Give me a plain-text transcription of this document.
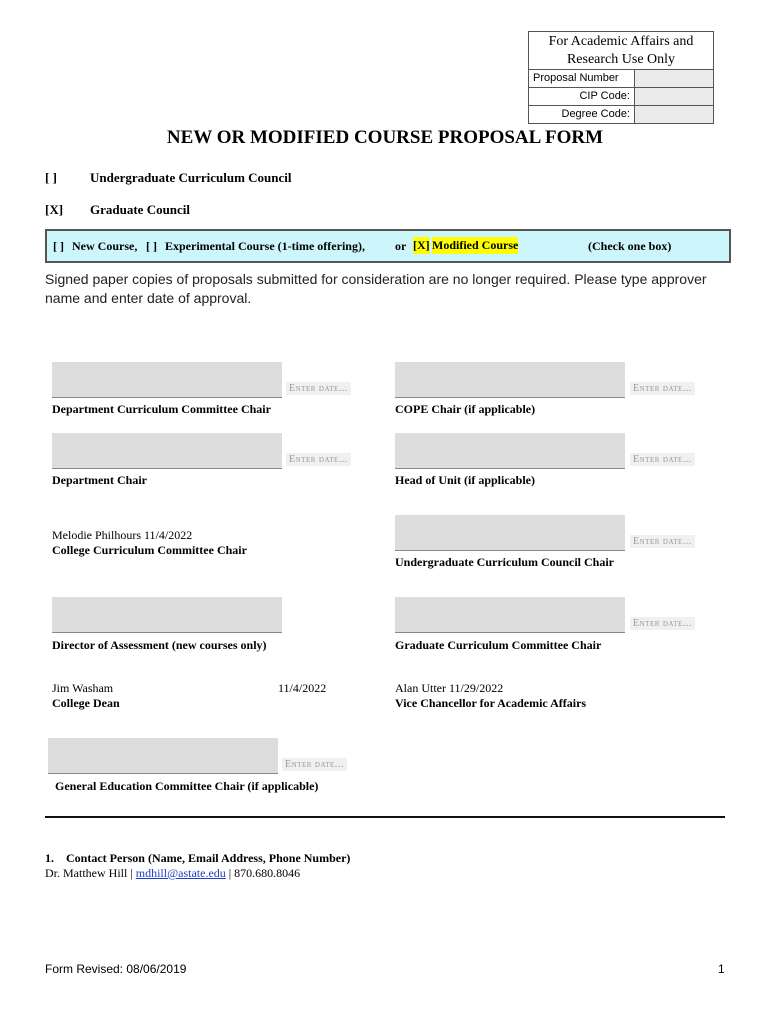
For Academic Affairs and Research Use Only
Proposal Number
CIP Code:
Degree Code:
NEW OR MODIFIED COURSE PROPOSAL FORM
[ ]	Undergraduate Curriculum Council
[X] Graduate Council
[ ] New Course, [ ] Experimental Course (1-time offering),	or [X] Modified Course	(Check one box)
Signed paper copies of proposals submitted for consideration are no longer required. Please type approver name and enter date of approval.
Enter date...
Department Curriculum Committee Chair
Enter date...
COPE Chair (if applicable)
Enter date...
Department Chair
Enter date...
Head of Unit (if applicable)
Melodie Philhours 11/4/2022
College Curriculum Committee Chair
Enter date...
Undergraduate Curriculum Council Chair
Director of Assessment (new courses only)
Enter date...
Graduate Curriculum Committee Chair
Jim Washam	11/4/2022
College Dean
Alan Utter 11/29/2022
Vice Chancellor for Academic Affairs
Enter date...
General Education Committee Chair (if applicable)
1. Contact Person (Name, Email Address, Phone Number)
Dr. Matthew Hill | mdhill@astate.edu | 870.680.8046
Form Revised: 08/06/2019	1
